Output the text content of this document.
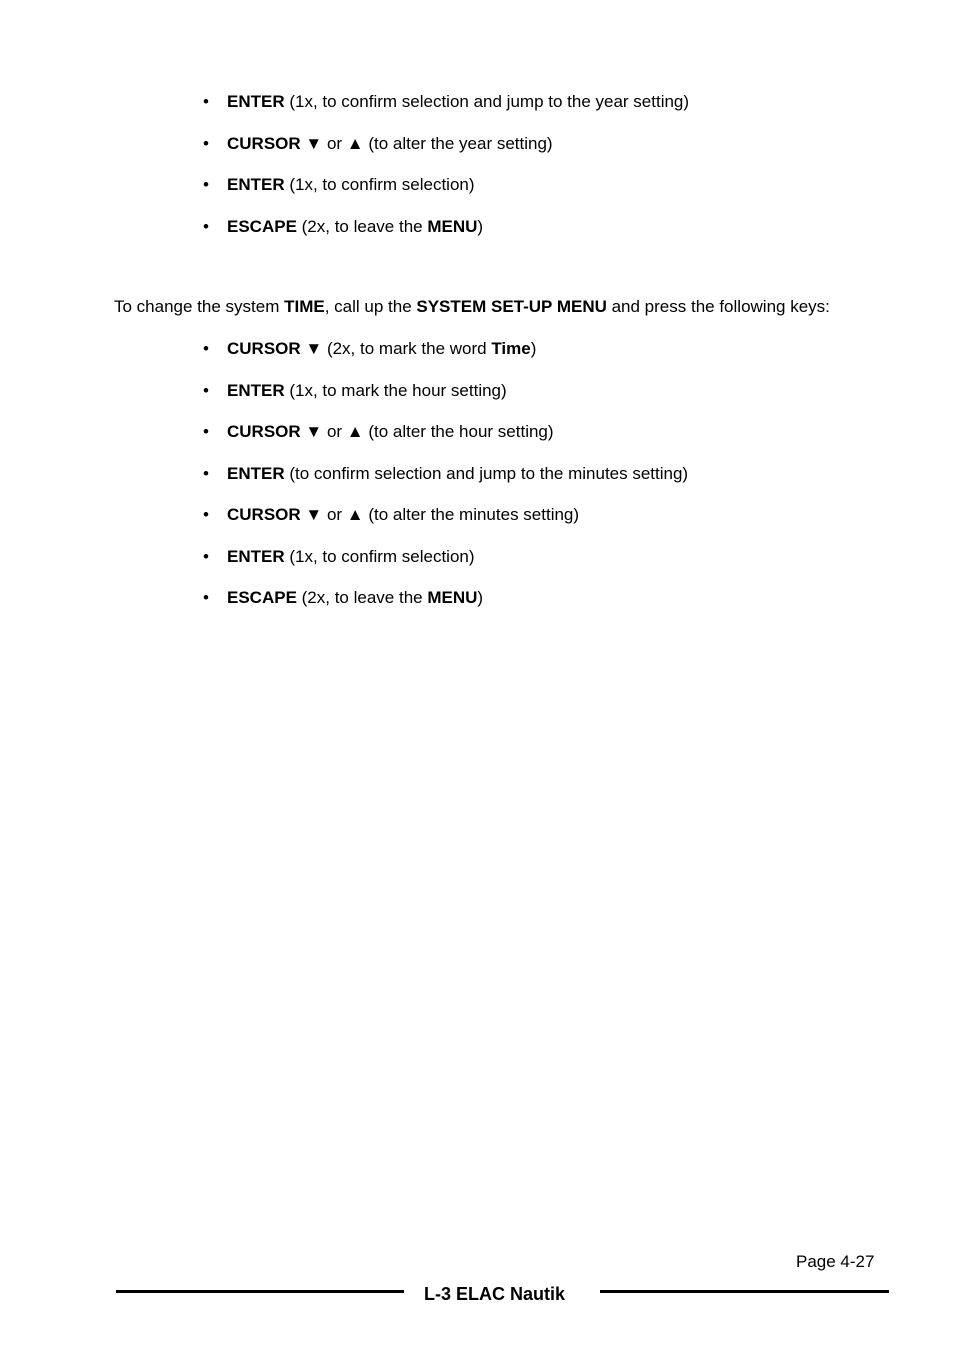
•	ENTER (1x, to confirm selection and jump to the year setting)
•	CURSOR ▼ or ▲ (to alter the year setting)
•	ENTER (1x, to confirm selection)
•	ESCAPE (2x, to leave the MENU)
To change the system TIME, call up the SYSTEM SET-UP MENU and press the following keys:
•	CURSOR ▼ (2x, to mark the word Time)
•	ENTER (1x, to mark the hour setting)
•	CURSOR ▼ or ▲ (to alter the hour setting)
•	ENTER (to confirm selection and jump to the minutes setting)
•	CURSOR ▼ or ▲ (to alter the minutes setting)
•	ENTER (1x, to confirm selection)
•	ESCAPE (2x, to leave the MENU)
Page 4-27
L-3 ELAC Nautik
